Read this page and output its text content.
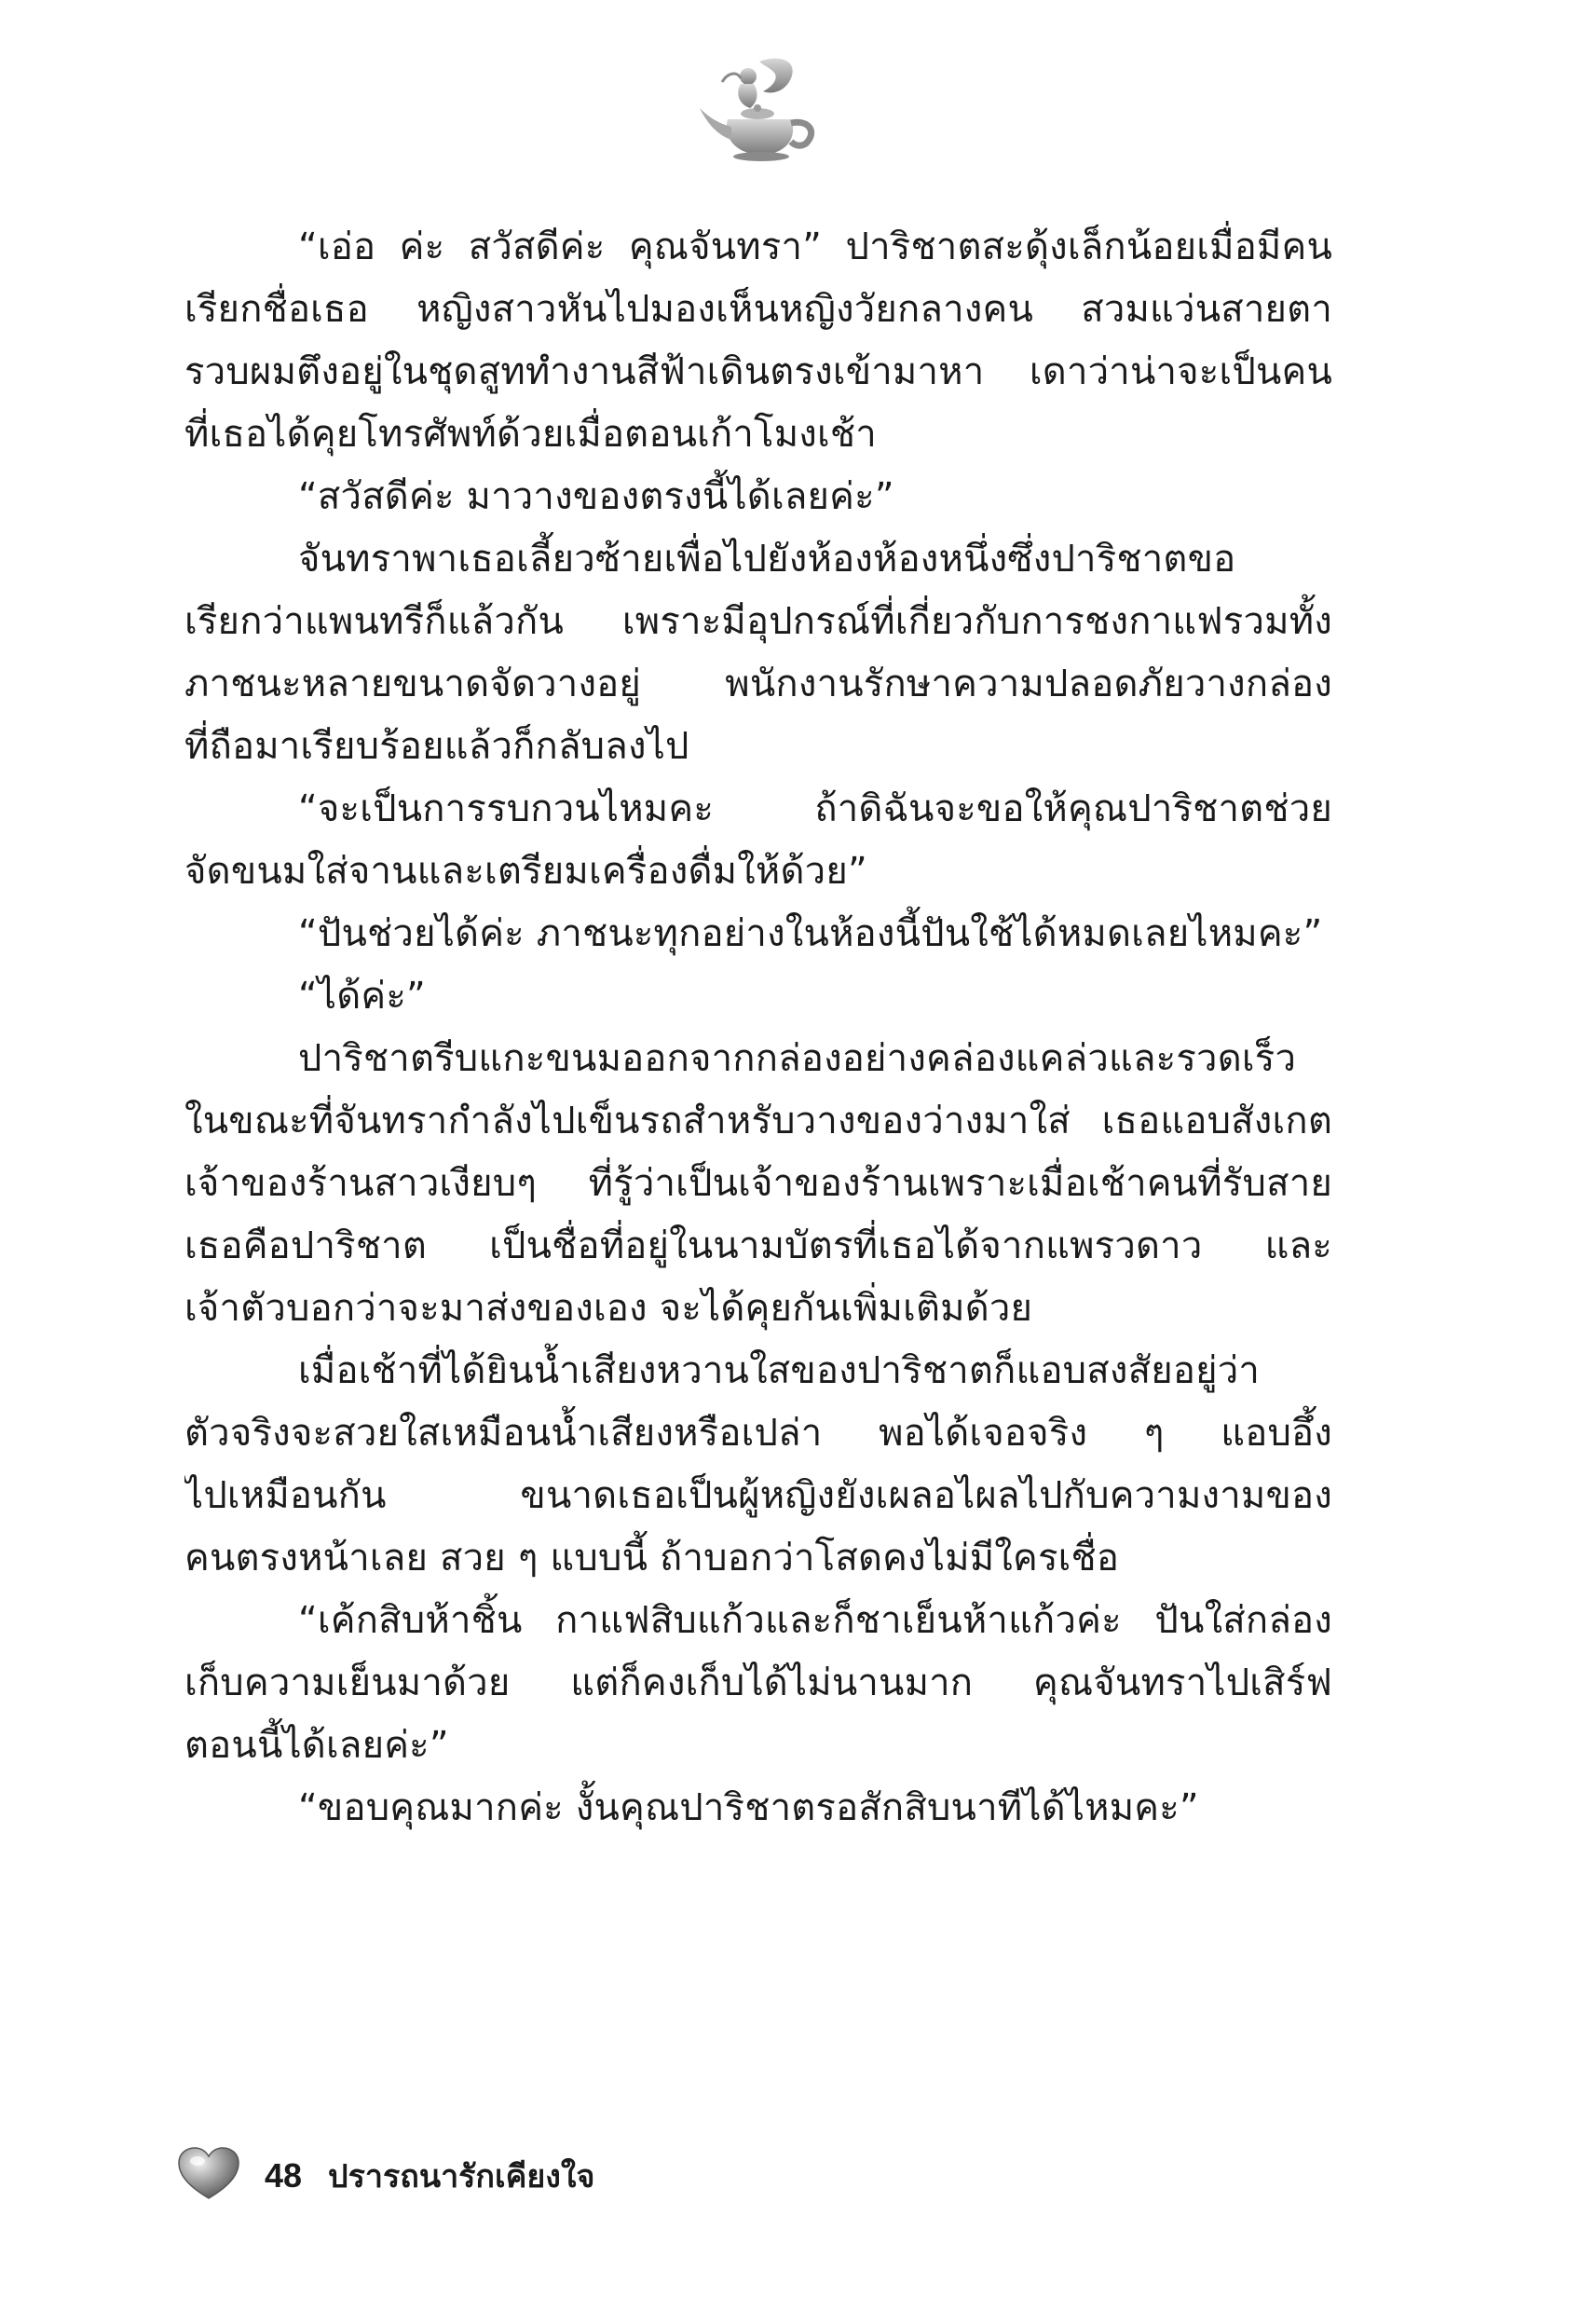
“เอ่อ ค่ะ สวัสดีค่ะ คุณจันทรา” ปาริชาตสะดุ้งเล็กน้อยเมื่อมีคน
เรียกชื่อเธอ หญิงสาวหันไปมองเห็นหญิงวัยกลางคน สวมแว่นสายตา
รวบผมตึงอยู่ในชุดสูททำงานสีฟ้าเดินตรงเข้ามาหา เดาว่าน่าจะเป็นคน
ที่เธอได้คุยโทรศัพท์ด้วยเมื่อตอนเก้าโมงเช้า
“สวัสดีค่ะ มาวางของตรงนี้ได้เลยค่ะ”
จันทราพาเธอเลี้ยวซ้ายเพื่อไปยังห้องห้องหนึ่งซึ่งปาริชาตขอ
เรียกว่าแพนทรีก็แล้วกัน เพราะมีอุปกรณ์ที่เกี่ยวกับการชงกาแฟรวมทั้ง
ภาชนะหลายขนาดจัดวางอยู่ พนักงานรักษาความปลอดภัยวางกล่อง
ที่ถือมาเรียบร้อยแล้วก็กลับลงไป
“จะเป็นการรบกวนไหมคะ ถ้าดิฉันจะขอให้คุณปาริชาตช่วย
จัดขนมใส่จานและเตรียมเครื่องดื่มให้ด้วย”
“ปันช่วยได้ค่ะ ภาชนะทุกอย่างในห้องนี้ปันใช้ได้หมดเลยไหมคะ”
“ได้ค่ะ”
ปาริชาตรีบแกะขนมออกจากกล่องอย่างคล่องแคล่วและรวดเร็ว
ในขณะที่จันทรากำลังไปเข็นรถสำหรับวางของว่างมาใส่ เธอแอบสังเกต
เจ้าของร้านสาวเงียบๆ ที่รู้ว่าเป็นเจ้าของร้านเพราะเมื่อเช้าคนที่รับสาย
เธอคือปาริชาต เป็นชื่อที่อยู่ในนามบัตรที่เธอได้จากแพรวดาว และ
เจ้าตัวบอกว่าจะมาส่งของเอง จะได้คุยกันเพิ่มเติมด้วย
เมื่อเช้าที่ได้ยินน้ำเสียงหวานใสของปาริชาตก็แอบสงสัยอยู่ว่า
ตัวจริงจะสวยใสเหมือนน้ำเสียงหรือเปล่า พอได้เจอจริง ๆ แอบอึ้ง
ไปเหมือนกัน ขนาดเธอเป็นผู้หญิงยังเผลอไผลไปกับความงามของ
คนตรงหน้าเลย สวย ๆ แบบนี้ ถ้าบอกว่าโสดคงไม่มีใครเชื่อ
“เค้กสิบห้าชิ้น กาแฟสิบแก้วและก็ชาเย็นห้าแก้วค่ะ ปันใส่กล่อง
เก็บความเย็นมาด้วย แต่ก็คงเก็บได้ไม่นานมาก คุณจันทราไปเสิร์ฟ
ตอนนี้ได้เลยค่ะ”
“ขอบคุณมากค่ะ งั้นคุณปาริชาตรอสักสิบนาทีได้ไหมคะ”
48 ปรารถนารักเคียงใจ
